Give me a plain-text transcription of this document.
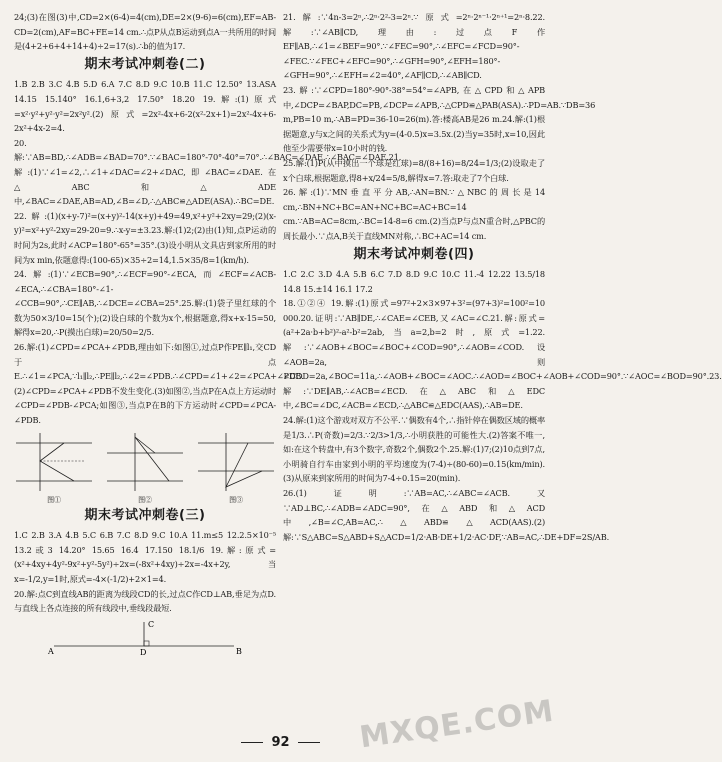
24;(3)在图(3)中,CD=2×(6-4)=4(cm),DE=2×(9-6)=6(cm),EF=AB-CD=2(cm),AF=BC+FE=14 cm.∴点P从点B运动到点A一共所用的时间是(4+2+6+4+14+4)÷2=17(s).∴b的值为17.

期末考试冲刺卷(二)

1.B 2.B 3.C 4.B 5.D 6.A 7.C 8.D 9.C 10.B 11.C 12.50° 13.ASA 14.15 15.140° 16.1,6+3,2 17.50° 18.20 19.解:(1)原式=x²·y²+y²·y²=2x²y².(2)原式=2x²-4x+6-2(x²-2x+1)=2x²-4x+6-2x²+4x-2=4.

20.解:∵AB=BD,∴∠ADB=∠BAD=70°.∵∠BAC=180°-70°-40°=70°.∴∠BAC=∠DAE.∴∠BAC=∠DAE.21.解:(1)∵∠1=∠2,∴∠1+∠DAC=∠2+∠DAC,即∠BAC=∠DAE.在△ABC和△ADE中,∠BAC=∠DAE,AB=AD,∠B=∠D,∴△ABC≌△ADE(ASA).∴BC=DE.

22.解:(1)(x+y-7)²=(x+y)²-14(x+y)+49=49,x²+y²+2xy=29;(2)(x-y)²=x²+y²-2xy=29-20=9.∴x-y=±3.23.解:(1)2;(2)由(1)知,点P运动的时间为2s,此时∠ACP=180°-65°=35°.(3)设小明从文具店到家所用的时间为x min,依题意得:(100-65)×35÷2=14,1.5×35/8=1(km/h).

24.解:(1)∵∠ECB=90°,∴∠ECF=90°-∠ECA,而∠ECF=∠ACB-∠ECA,∴∠CBA=180°-∠1-∠CCB=90°,∴CE∥AB,∴∠DCE=∠CBA=25°.25.解:(1)袋子里红球的个数为50×3/10=15(个);(2)设白球的个数为x个,根据题意,得x+x-15=50,解得x=20,∴P(摸出白球)=20/50=2/5.

26.解:(1)∠CPD=∠PCA+∠PDB,理由如下:如图①,过点P作PE∥l₁,交CD于点E.∴∠1=∠PCA,∵l₁∥l₂,∴PE∥l₂,∴∠2=∠PDB.∴∠CPD=∠1+∠2=∠PCA+∠PDB.(2)∠CPD=∠PCA+∠PDB不发生变化.(3)如图②,当点P在A点上方运动时∠CPD=∠PDB-∠PCA;如图③,当点P在B的下方运动时∠CPD=∠PCA-∠PDB.

图①	图②	图③
期末考试冲刺卷(三)

1.C 2.B 3.A 4.B 5.C 6.B 7.C 8.D 9.C 10.A 11.m≤5 12.2.5×10⁻⁵ 13.2或3 14.20° 15.65 16.4 17.150 18.1/6 19.解:原式=(x²+4xy+4y²-9x²+y²-5y²)÷2x=(-8x²+4xy)÷2x=-4x+2y,当x=-1/2,y=1时,原式=-4×(-1/2)+2×1=4.

20.解:点C到直线AB的距离为线段CD的长,过点C作CD⊥AB,垂足为点D.与直线上各点连接的所有线段中,垂线段最短.

A
C
D	B

21.解:∵4n-3=2ⁿ,∴2ⁿ·2²-3=2ⁿ.∵原式=2ⁿ·2ⁿ⁻¹·2ⁿ⁺¹=2ⁿ·8.22.解:∵∠AB∥CD,理由:过点F作EF∥AB,∴∠1=∠BEF=90°.∵∠FEC=90°,∴∠EFC=∠FCD=90°-∠FEC.∵∠FEC+∠EFC=90°,∴∠GFH=90°,∠EFH=180°-∠GFH=90°,∴∠EFH=∠2=40°,∠AF∥CD,∴∠AB∥CD.

23.解:∵∠CPD=180°-90°-38°=54°=∠APB,在△CPD和△APB中,∠DCP=∠BAP,DC=PB,∠DCP=∠APB,∴△CPD≌△PAB(ASA).∴PD=AB.∵DB=36 m,PB=10 m,∴AB=PD=36-10=26(m).答:楼高AB是26 m.24.解:(1)根据题意,y与x之间的关系式为y=(4-0.5)x=3.5x.(2)当y=35时,x=10,因此他至少需要带x=10小时的钱.

25.解:(1)P(从中摸出一个球是红球)=8/(8+16)=8/24=1/3;(2)设取走了x个白球,根据题意,得8+x/24=5/8,解得x=7.答:取走了7个白球.

26.解:(1)∵MN垂直平分AB,∴AN=BN.∵△NBC的周长是14 cm,∴BN+NC+BC=AN+NC+BC=AC+BC=14 cm.∵AB=AC=8cm,∴BC=14-8=6 cm.(2)当点P与点N重合时,△PBC的周长最小.∵点A,B关于直线MN对称,∴BC+AC=14 cm.

期末考试冲刺卷(四)

1.C 2.C 3.D 4.A 5.B 6.C 7.D 8.D 9.C 10.C 11.-4 12.22 13.5/18 14.8 15.±14 16.1 17.2

18.①②④ 19.解:(1)原式=97²+2×3×97+3²=(97+3)²=100²=10 000.20.证明:∵AB∥DE,∴∠CAE=∠CEB,又∠AC=∠C.21.解:原式=(a²+2a·b+b²)²-a²-b²=2ab,当a=2,b=2时,原式=1.22.解:∵∠AOB+∠BOC=∠BOC+∠COD=90°,∴∠AOB=∠COD.设∠AOB=2a,则∠COD=2a,∠BOC=11a,∴∠AOB+∠BOC=∠AOC.∴∠AOD=∠BOC+∠AOB+∠COD=90°.∵∠AOC=∠BOD=90°.23.解:∵DE∥AB,∴∠ACB=∠ECD.在△ABC和△EDC中,∠BC=∠DC,∠ACB=∠ECD,∴△ABC≌△EDC(AAS),∴AB=DE.

24.解:(1)这个游戏对双方不公平.∵偶数有4个,∴指针停在偶数区域的概率是1/3.∴P(奇数)=2/3.∵2/3>1/3,∴小明获胜的可能性大.(2)答案不唯一,如:在这个转盘中,有3个数字,奇数2个,偶数2个.25.解:(1)7;(2)10点到7点,小明骑自行车由家到小明的平均速度为(7-4)÷(80-60)=0.15(km/min).(3)从原来到家所用的时间为7-4÷0.15=20(min).

26.(1)证明:∵AB=AC,∴∠ABC=∠ACB.又∵AD⊥BC,∴∠ADB=∠ADC=90°,在△ABD和△ACD中,∠B=∠C,AB=AC,∴△ABD≌△ACD(AAS).(2)解:∵S△ABC=S△ABD+S△ACD=1/2·AB·DE+1/2·AC·DF,∵AB=AC,∴DE+DF=2S/AB.

92	MXQE.COM
